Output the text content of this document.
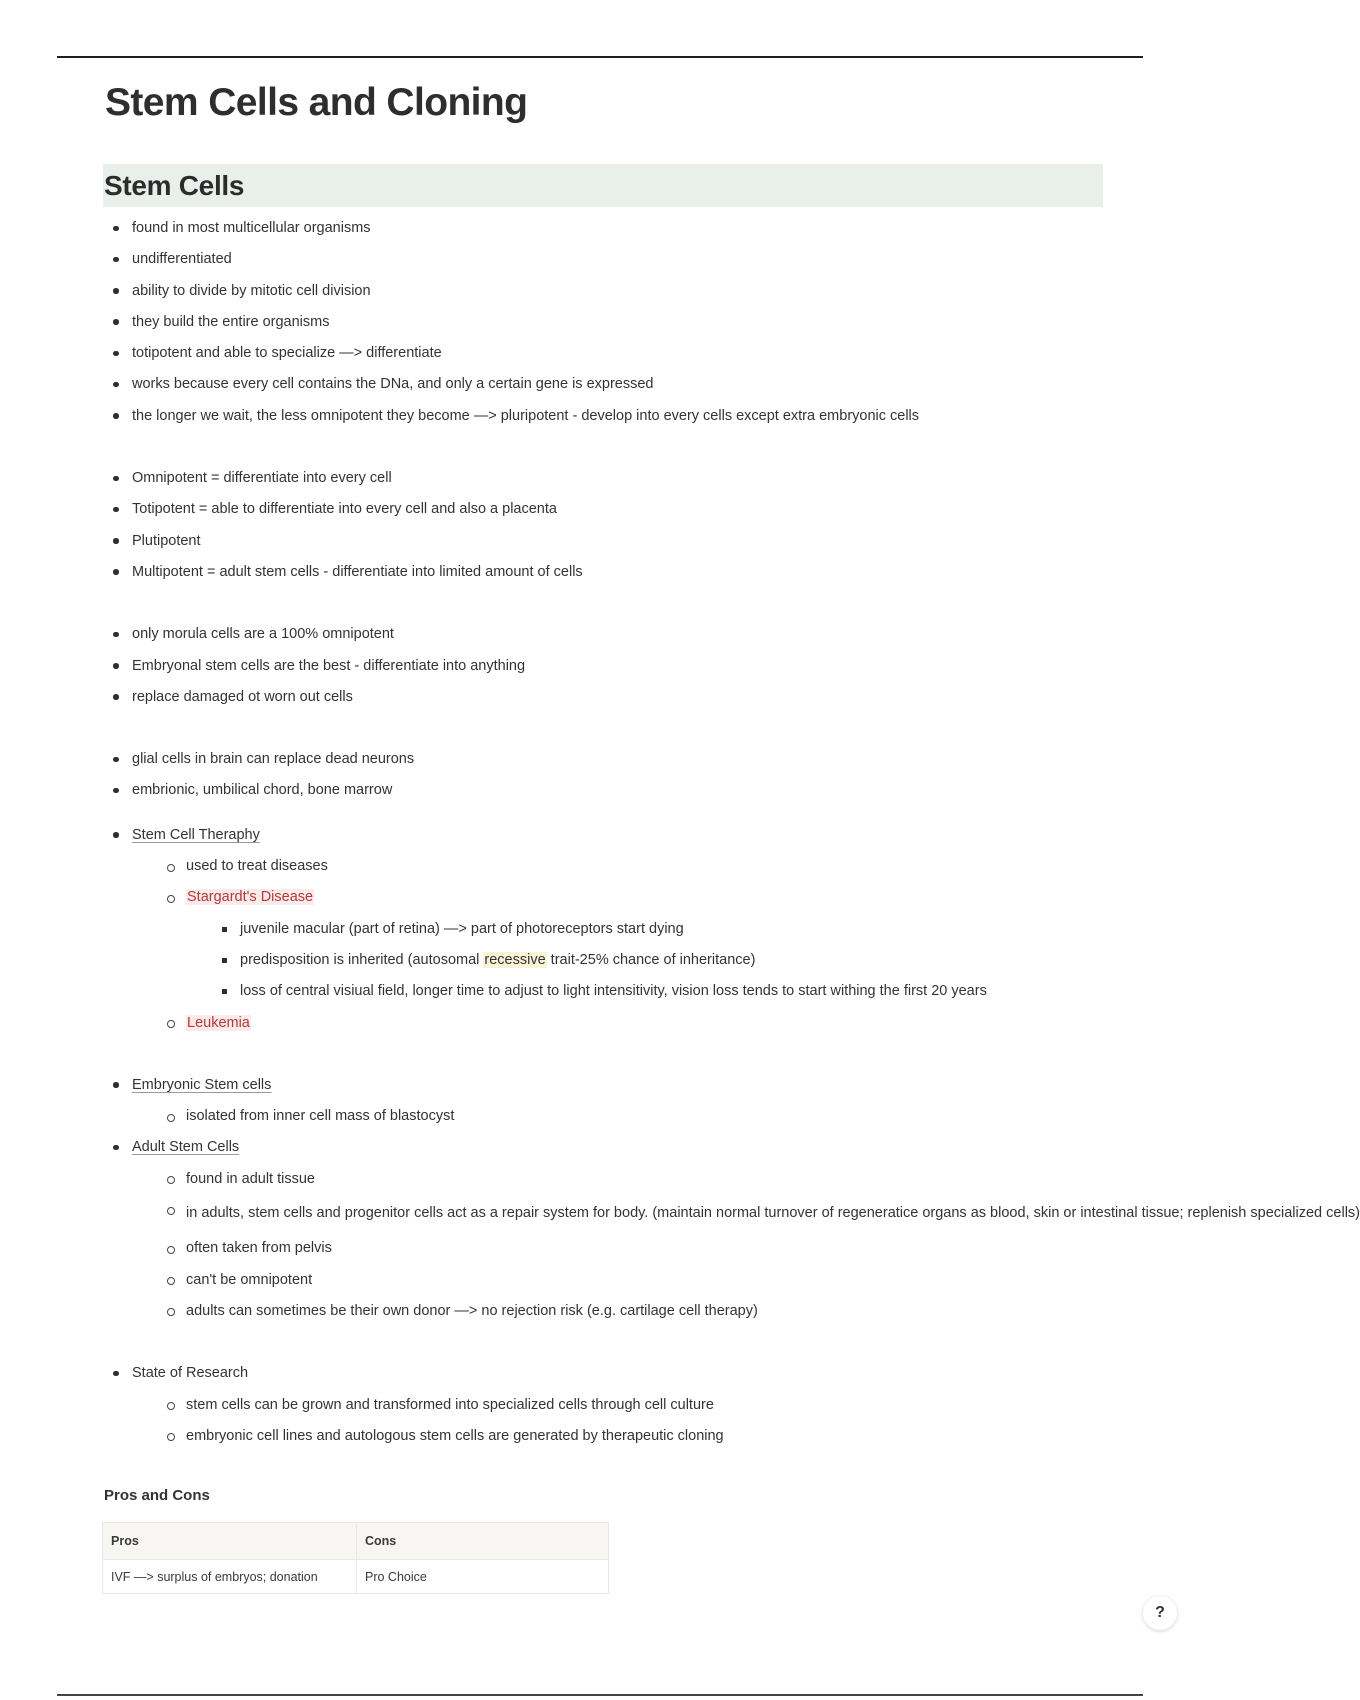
Stem Cells and Cloning
Stem Cells
found in most multicellular organisms
undifferentiated
ability to divide by mitotic cell division
they build the entire organisms
totipotent and able to specialize —> differentiate
works because every cell contains the DNa, and only a certain gene is expressed
the longer we wait, the less omnipotent they become —> pluripotent - develop into every cells except extra embryonic cells
Omnipotent = differentiate into every cell
Totipotent = able to differentiate into every cell and also a placenta
Plutipotent
Multipotent = adult stem cells - differentiate into limited amount of cells
only morula cells are a 100% omnipotent
Embryonal stem cells are the best - differentiate into anything
replace damaged ot worn out cells
glial cells in brain can replace dead neurons
embrionic, umbilical chord, bone marrow
Stem Cell Theraphy
used to treat diseases
Stargardt's Disease
juvenile macular (part of retina) —> part of photoreceptors start dying
predisposition is inherited (autosomal recessive trait-25% chance of inheritance)
loss of central visiual field, longer time to adjust to light intensitivity, vision loss tends to start withing the first 20 years
Leukemia
Embryonic Stem cells
isolated from inner cell mass of blastocyst
Adult Stem Cells
found in adult tissue
in adults, stem cells and progenitor cells act as a repair system for body. (maintain normal turnover of regeneratice organs as blood, skin or intestinal tissue; replenish specialized cells)
often taken from pelvis
can't be omnipotent
adults can sometimes be their own donor —> no rejection risk (e.g. cartilage cell therapy)
State of Research
stem cells can be grown and transformed into specialized cells through cell culture
embryonic cell lines and autologous stem cells are generated by therapeutic cloning
Pros and Cons
Pros	Cons
IVF —> surplus of embryos; donation	Pro Choice
?
